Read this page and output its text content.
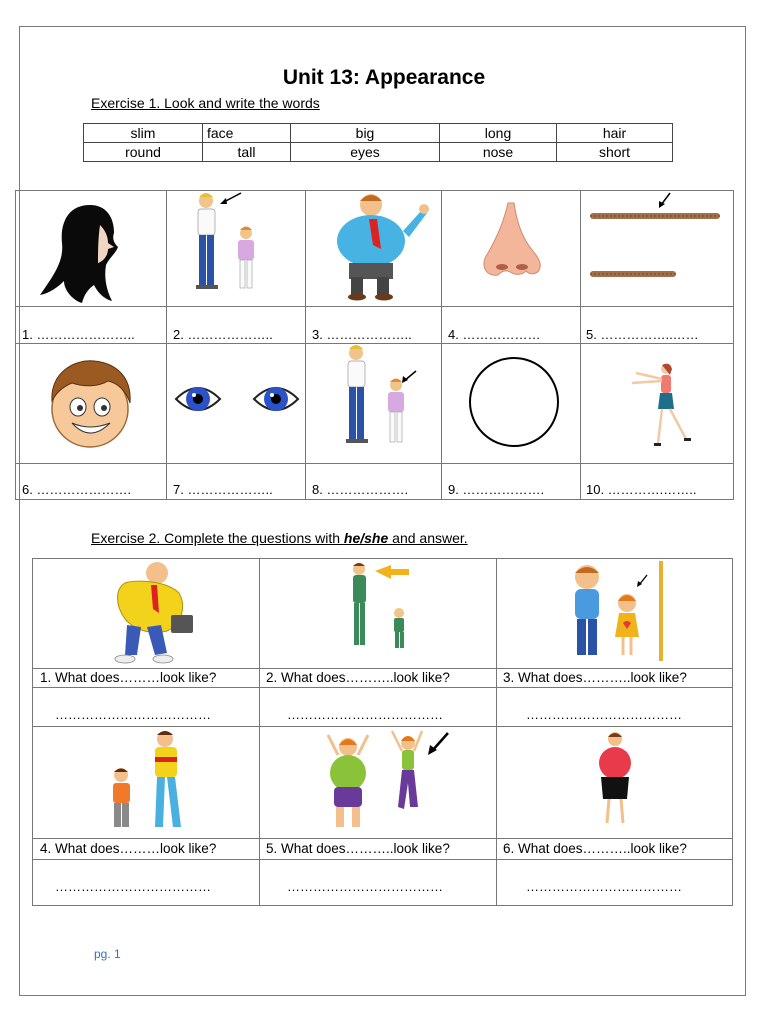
Unit 13: Appearance
Exercise 1. Look and write the words
slim	face	big	long	hair
round	tall	eyes	nose	short
1. …………………..	2. ………………..	3. ………………..	4. ………………	5. ……………..……
6. ………………….	7. ………………..	8. ……………….	9. ……………….	10. ………….……..
Exercise 2. Complete the questions with he/she and answer.
1. What does………look like?	2. What does………..look like?	3. What does………..look like?
………………………………	………………………………	………………………………
4. What does………look like?	5. What does………..look like?	6. What does………..look like?
………………………………	………………………………	………………………………
pg. 1
